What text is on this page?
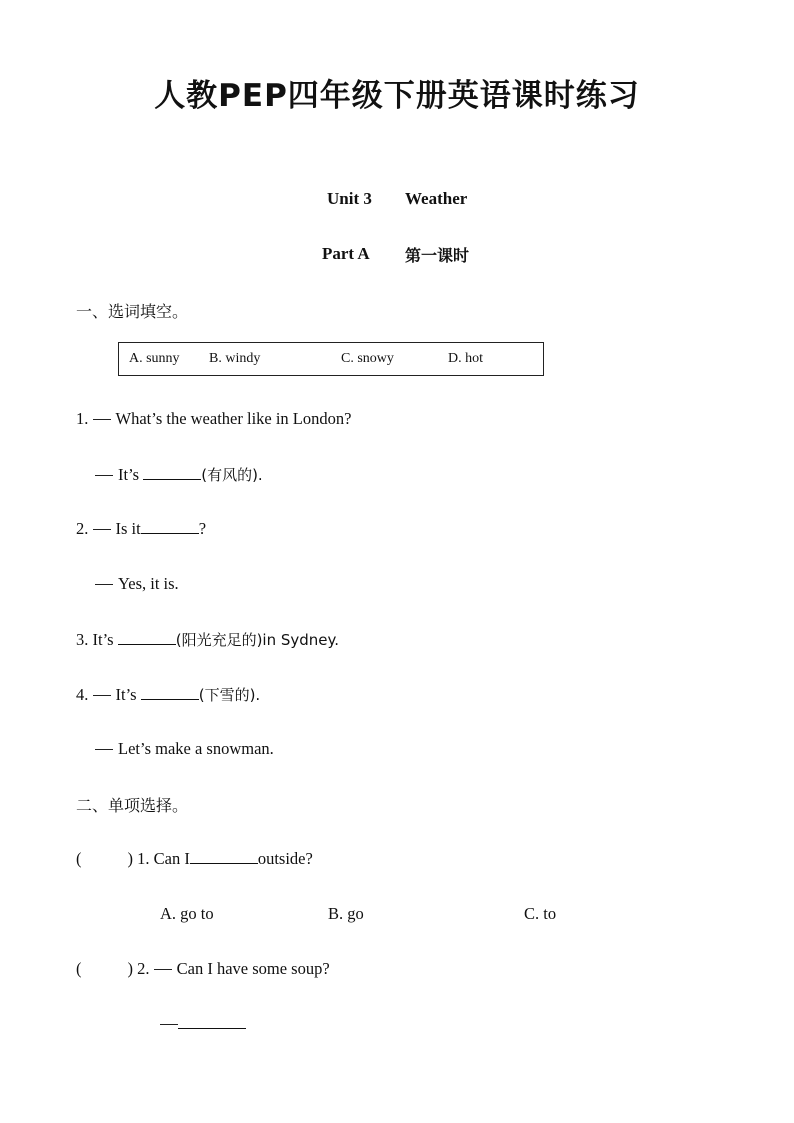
人教PEP四年级下册英语课时练习
Unit 3 Weather
Part A 第一课时
一、选词填空。
A. sunny B. windy	C. snowy	D. hot
1. What’s the weather like in London?
It’s	(有风的).
2. Is it	?
Yes, it is.
3. It’s	(阳光充足的)in Sydney.
4. It’s	(下雪的).
Let’s make a snowman.
二、单项选择。
(	) 1. Can I	outside?
A. go to	B. go	C. to
(	) 2. Can I have some soup?
